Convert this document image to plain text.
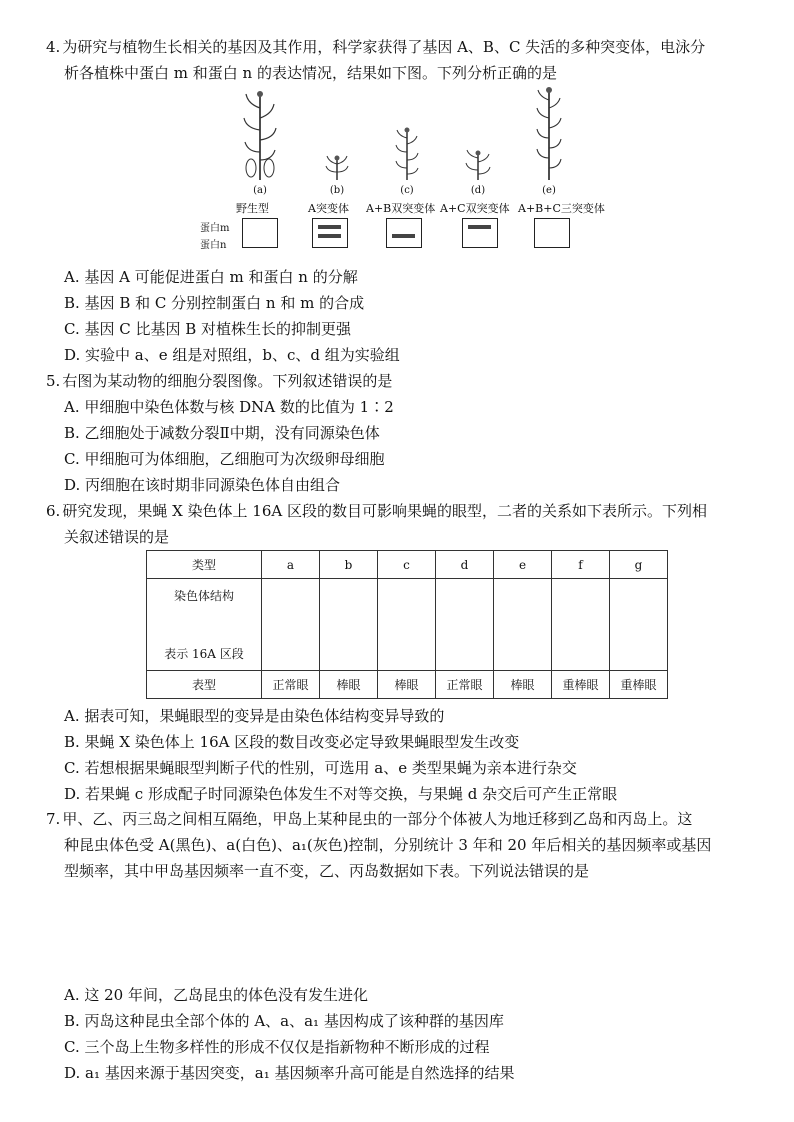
4. 为研究与植物生长相关的基因及其作用，科学家获得了基因 A、B、C 失活的多种突变体，电泳分
析各植株中蛋白 m 和蛋白 n 的表达情况，结果如下图。下列分析正确的是
(a)	(b)	(c)	(d)	(e)
野生型	A突变体 A+B双突变体 A+C双突变体 A+B+C三突变体
蛋白m
蛋白n
A. 基因 A 可能促进蛋白 m 和蛋白 n 的分解
B. 基因 B 和 C 分别控制蛋白 n 和 m 的合成
C. 基因 C 比基因 B 对植株生长的抑制更强
D. 实验中 a、e 组是对照组，b、c、d 组为实验组
5. 右图为某动物的细胞分裂图像。下列叙述错误的是
A. 甲细胞中染色体数与核 DNA 数的比值为 1∶2
B. 乙细胞处于减数分裂Ⅱ中期，没有同源染色体
C. 甲细胞可为体细胞，乙细胞可为次级卵母细胞
D. 丙细胞在该时期非同源染色体自由组合
6. 研究发现，果蝇 X 染色体上 16A 区段的数目可影响果蝇的眼型，二者的关系如下表所示。下列相
关叙述错误的是
类型	a	b	c	d	e	f	g

染色体结构
表示 16A 区段							

表型	正常眼	棒眼	棒眼	正常眼	棒眼	重棒眼	重棒眼
A. 据表可知，果蝇眼型的变异是由染色体结构变异导致的
B. 果蝇 X 染色体上 16A 区段的数目改变必定导致果蝇眼型发生改变
C. 若想根据果蝇眼型判断子代的性别，可选用 a、e 类型果蝇为亲本进行杂交
D. 若果蝇 c 形成配子时同源染色体发生不对等交换，与果蝇 d 杂交后可产生正常眼
7. 甲、乙、丙三岛之间相互隔绝，甲岛上某种昆虫的一部分个体被人为地迁移到乙岛和丙岛上。这
种昆虫体色受 A(黑色)、a(白色)、a₁(灰色)控制，分别统计 3 年和 20 年后相关的基因频率或基因
型频率，其中甲岛基因频率一直不变，乙、丙岛数据如下表。下列说法错误的是
A. 这 20 年间，乙岛昆虫的体色没有发生进化
B. 丙岛这种昆虫全部个体的 A、a、a₁ 基因构成了该种群的基因库
C. 三个岛上生物多样性的形成不仅仅是指新物种不断形成的过程
D. a₁ 基因来源于基因突变，a₁ 基因频率升高可能是自然选择的结果
